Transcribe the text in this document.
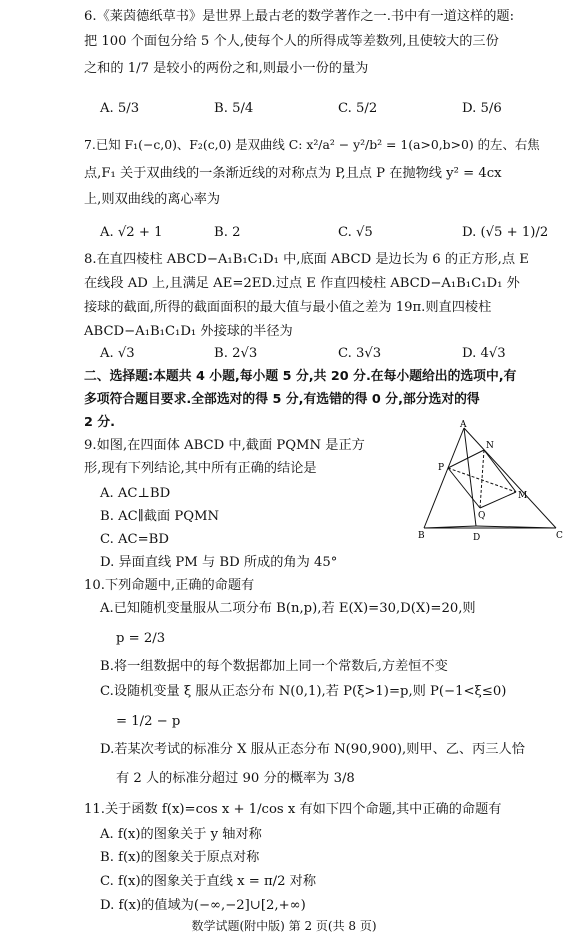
6.《莱茵德纸草书》是世界上最古老的数学著作之一.书中有一道这样的题:
把 100 个面包分给 5 个人,使每个人的所得成等差数列,且使较大的三份
之和的 1/7 是较小的两份之和,则最小一份的量为
A. 5/3	B. 5/4	C. 5/2	D. 5/6
7.已知 F₁(−c,0)、F₂(c,0) 是双曲线 C: x²/a² − y²/b² = 1(a>0,b>0) 的左、右焦
点,F₁ 关于双曲线的一条渐近线的对称点为 P,且点 P 在抛物线 y² = 4cx
上,则双曲线的离心率为
A. √2 + 1	B. 2	C. √5	D. (√5 + 1)/2
8.在直四棱柱 ABCD−A₁B₁C₁D₁ 中,底面 ABCD 是边长为 6 的正方形,点 E
在线段 AD 上,且满足 AE=2ED.过点 E 作直四棱柱 ABCD−A₁B₁C₁D₁ 外
接球的截面,所得的截面面积的最大值与最小值之差为 19π.则直四棱柱
ABCD−A₁B₁C₁D₁ 外接球的半径为
A. √3	B. 2√3	C. 3√3	D. 4√3
二、选择题:本题共 4 小题,每小题 5 分,共 20 分.在每小题给出的选项中,有
多项符合题目要求.全部选对的得 5 分,有选错的得 0 分,部分选对的得
2 分.
9.如图,在四面体 ABCD 中,截面 PQMN 是正方
形,现有下列结论,其中所有正确的结论是
A. AC⊥BD
B. AC∥截面 PQMN
C. AC=BD
D. 异面直线 PM 与 BD 所成的角为 45°
A
B	C
D
P
N
M
Q
10.下列命题中,正确的命题有
A.已知随机变量服从二项分布 B(n,p),若 E(X)=30,D(X)=20,则
p = 2/3
B.将一组数据中的每个数据都加上同一个常数后,方差恒不变
C.设随机变量 ξ 服从正态分布 N(0,1),若 P(ξ>1)=p,则 P(−1<ξ≤0)
= 1/2 − p
D.若某次考试的标准分 X 服从正态分布 N(90,900),则甲、乙、丙三人恰
有 2 人的标准分超过 90 分的概率为 3/8
11.关于函数 f(x)=cos x + 1/cos x 有如下四个命题,其中正确的命题有
A. f(x)的图象关于 y 轴对称
B. f(x)的图象关于原点对称
C. f(x)的图象关于直线 x = π/2 对称
D. f(x)的值域为(−∞,−2]∪[2,+∞)
数学试题(附中版) 第 2 页(共 8 页)
